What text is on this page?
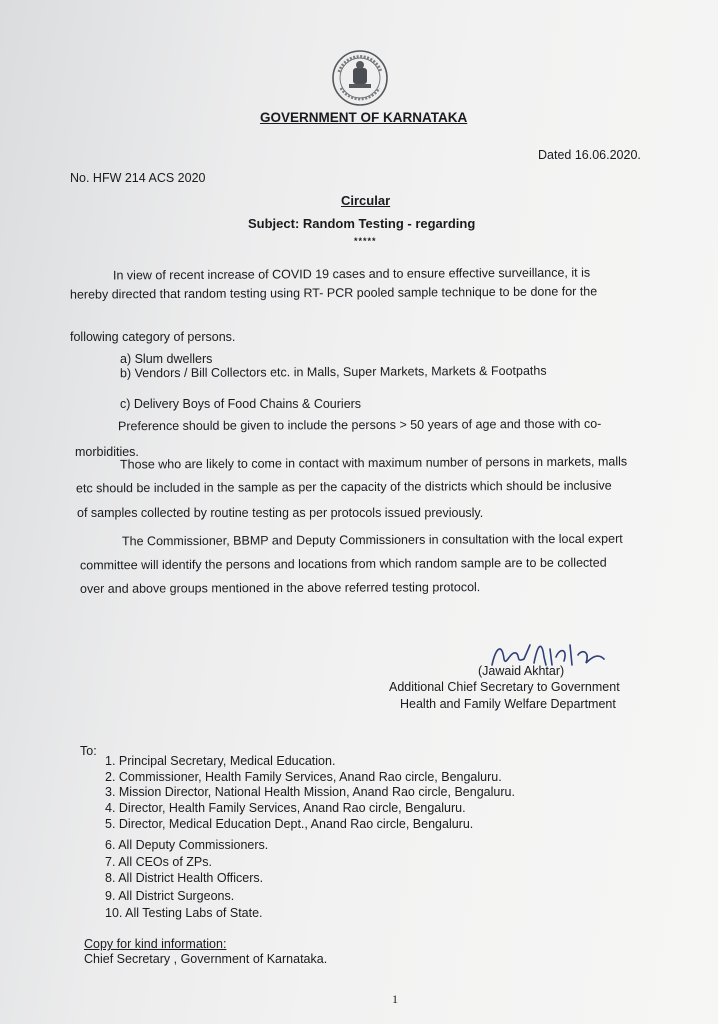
GOVERNMENT OF KARNATAKA
Dated 16.06.2020.
No. HFW 214 ACS 2020
Circular
Subject: Random Testing - regarding
*****
In view of recent increase of COVID 19 cases and to ensure effective surveillance, it is
hereby directed that random testing using RT- PCR pooled sample technique to be done for the
following category of persons.
a) Slum dwellers
b) Vendors / Bill Collectors etc. in Malls, Super Markets, Markets & Footpaths
c) Delivery Boys of Food Chains & Couriers
Preference should be given to include the persons > 50 years of age and those with co-
morbidities.
Those who are likely to come in contact with maximum number of persons in markets, malls
etc should be included in the sample as per the capacity of the districts which should be inclusive
of samples collected by routine testing as per protocols issued previously.
The Commissioner, BBMP and Deputy Commissioners in consultation with the local expert
committee will identify the persons and locations from which random sample are to be collected
over and above groups mentioned in the above referred testing protocol.
(Jawaid Akhtar)
Additional Chief Secretary to Government
Health and Family Welfare Department
To:
1. Principal Secretary, Medical Education.
2. Commissioner, Health Family Services, Anand Rao circle, Bengaluru.
3. Mission Director, National Health Mission, Anand Rao circle, Bengaluru.
4. Director, Health Family Services, Anand Rao circle, Bengaluru.
5. Director, Medical Education Dept., Anand Rao circle, Bengaluru.
6. All Deputy Commissioners.
7. All CEOs of ZPs.
8. All District Health Officers.
9. All District Surgeons.
10. All Testing Labs of State.
Copy for kind information:
Chief Secretary , Government of Karnataka.
1
